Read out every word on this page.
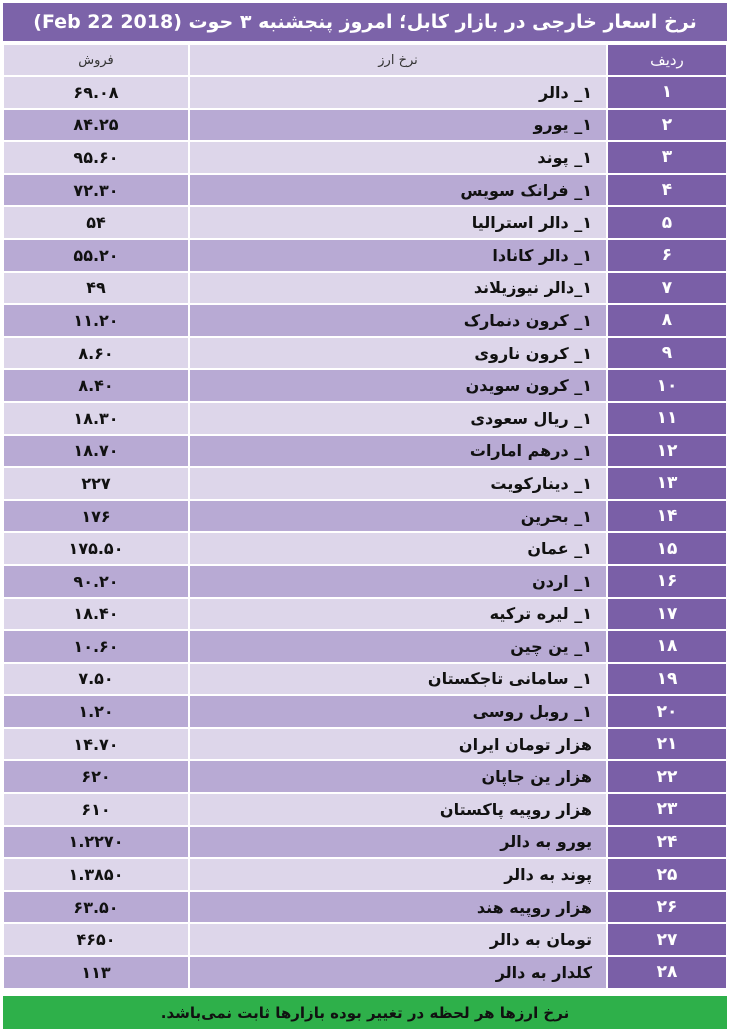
نرخ اسعار خارجی در بازار کابل؛ امروز پنجشنبه ۳ حوت (Feb 22 2018)
فروش	نرخ ارز	ردیف
۶۹.۰۸	۱_ دالر	۱
۸۴.۲۵	۱_ یورو	۲
۹۵.۶۰	۱_ پوند	۳
۷۲.۳۰	۱_ فرانک سویس	۴
۵۴	۱_ دالر استرالیا	۵
۵۵.۲۰	۱_ دالر کانادا	۶
۴۹	۱_دالر نیوزیلاند	۷
۱۱.۲۰	۱_ کرون دنمارک	۸
۸.۶۰	۱_ کرون ناروی	۹
۸.۴۰	۱_ کرون سویدن	۱۰
۱۸.۳۰	۱_ ریال سعودی	۱۱
۱۸.۷۰	۱_ درهم امارات	۱۲
۲۲۷	۱_ دینارکویت	۱۳
۱۷۶	۱_ بحرین	۱۴
۱۷۵.۵۰	۱_ عمان	۱۵
۹۰.۲۰	۱_ اردن	۱۶
۱۸.۴۰	۱_ لیره ترکیه	۱۷
۱۰.۶۰	۱_ ین چین	۱۸
۷.۵۰	۱_ سامانی تاجکستان	۱۹
۱.۲۰	۱_ روبل روسی	۲۰
۱۴.۷۰	هزار تومان ایران	۲۱
۶۲۰	هزار ین جاپان	۲۲
۶۱۰	هزار روپیه پاکستان	۲۳
۱.۲۲۷۰	یورو به دالر	۲۴
۱.۳۸۵۰	پوند به دالر	۲۵
۶۳.۵۰	هزار روپیه هند	۲۶
۴۶۵۰	تومان به دالر	۲۷
۱۱۳	کلدار به دالر	۲۸
نرخ ارزها هر لحظه در تغییر بوده بازارها ثابت نمی‌باشد.
